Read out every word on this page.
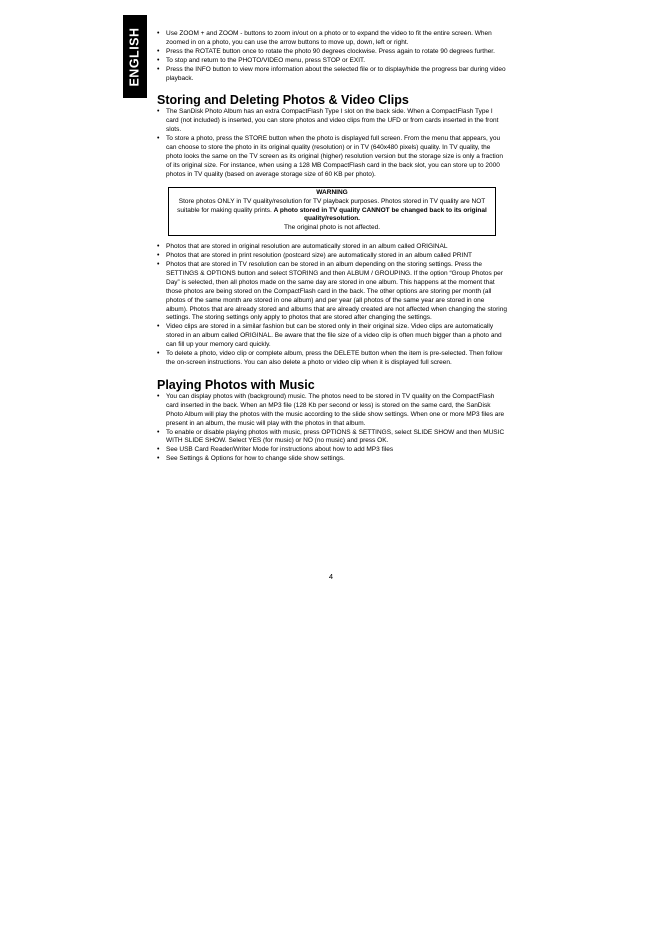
ENGLISH
•	Use ZOOM + and ZOOM - buttons to zoom in/out on a photo or to expand the video to fit the entire screen. When zoomed in on a photo, you can use the arrow buttons to move up, down, left or right.
• Press the ROTATE button once to rotate the photo 90 degrees clockwise. Press again to rotate 90 degrees further.
• To stop and return to the PHOTO/VIDEO menu, press STOP or EXIT.
• Press the INFO button to view more information about the selected file or to display/hide the progress bar during video playback.
Storing and Deleting Photos & Video Clips
• The SanDisk Photo Album has an extra CompactFlash Type I slot on the back side. When a CompactFlash Type I card (not included) is inserted, you can store photos and video clips from the UFD or from cards inserted in the front slots.
• To store a photo, press the STORE button when the photo is displayed full screen. From the menu that appears, you can choose to store the photo in its original quality (resolution) or in TV (640x480 pixels) quality. In TV quality, the photo looks the same on the TV screen as its original (higher) resolution version but the storage size is only a fraction of its original size. For instance, when using a 128 MB CompactFlash card in the back slot, you can store up to 2000 photos in TV quality (based on average storage size of 60 KB per photo).
WARNING
Store photos ONLY in TV quality/resolution for TV playback purposes. Photos stored in TV quality are NOT suitable for making quality prints. A photo stored in TV quality CANNOT be changed back to its original quality/resolution.
The original photo is not affected.
• Photos that are stored in original resolution are automatically stored in an album called ORIGINAL
• Photos that are stored in print resolution (postcard size) are automatically stored in an album called PRINT
• Photos that are stored in TV resolution can be stored in an album depending on the storing settings. Press the SETTINGS & OPTIONS button and select STORING and then ALBUM / GROUPING. If the option “Group Photos per Day” is selected, then all photos made on the same day are stored in one album. This happens at the moment that those photos are being stored on the CompactFlash card in the back. The other options are storing per month (all photos of the same month are stored in one album) and per year (all photos of the same year are stored in one album). Photos that are already stored and albums that are already created are not affected when changing the storing settings. The storing settings only apply to photos that are stored after changing the settings.
• Video clips are stored in a similar fashion but can be stored only in their original size. Video clips are automatically stored in an album called ORIGINAL. Be aware that the file size of a video clip is often much bigger than a photo and can fill up your memory card quickly.
• To delete a photo, video clip or complete album, press the DELETE button when the item is pre-selected. Then follow the on-screen instructions. You can also delete a photo or video clip when it is displayed full screen.
Playing Photos with Music
• You can display photos with (background) music. The photos need to be stored in TV quality on the CompactFlash card inserted in the back. When an MP3 file (128 Kb per second or less) is stored on the same card, the SanDisk Photo Album will play the photos with the music according to the slide show settings. When one or more MP3 files are present in an album, the music will play with the photos in that album.
• To enable or disable playing photos with music, press OPTIONS & SETTINGS, select SLIDE SHOW and then MUSIC WITH SLIDE SHOW. Select YES (for music) or NO (no music) and press OK.
• See USB Card Reader/Writer Mode for instructions about how to add MP3 files
• See Settings & Options for how to change slide show settings.
4
